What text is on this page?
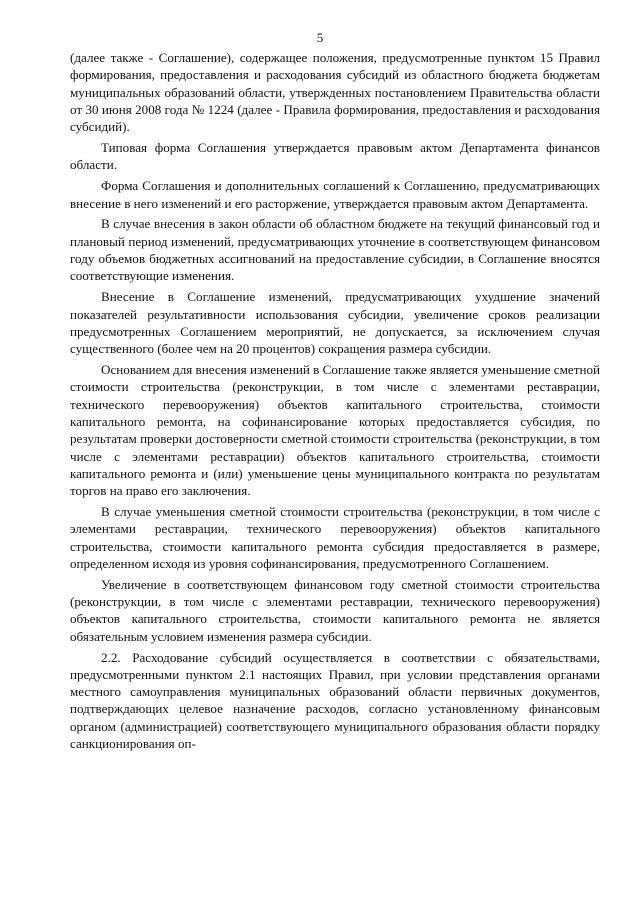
5

(далее также - Соглашение), содержащее положения, предусмотренные пунктом 15 Правил формирования, предоставления и расходования субсидий из областного бюджета бюджетам муниципальных образований области, утвержденных постановлением Правительства области от 30 июня 2008 года № 1224 (далее - Правила формирования, предоставления и расходования субсидий).

Типовая форма Соглашения утверждается правовым актом Департамента финансов области.

Форма Соглашения и дополнительных соглашений к Соглашению, предусматривающих внесение в него изменений и его расторжение, утверждается правовым актом Департамента.

В случае внесения в закон области об областном бюджете на текущий финансовый год и плановый период изменений, предусматривающих уточнение в соответствующем финансовом году объемов бюджетных ассигнований на предоставление субсидии, в Соглашение вносятся соответствующие изменения.

Внесение в Соглашение изменений, предусматривающих ухудшение значений показателей результативности использования субсидии, увеличение сроков реализации предусмотренных Соглашением мероприятий, не допускается, за исключением случая существенного (более чем на 20 процентов) сокращения размера субсидии.

Основанием для внесения изменений в Соглашение также является уменьшение сметной стоимости строительства (реконструкции, в том числе с элементами реставрации, технического перевооружения) объектов капитального строительства, стоимости капитального ремонта, на софинансирование которых предоставляется субсидия, по результатам проверки достоверности сметной стоимости строительства (реконструкции, в том числе с элементами реставрации) объектов капитального строительства, стоимости капитального ремонта и (или) уменьшение цены муниципального контракта по результатам торгов на право его заключения.

В случае уменьшения сметной стоимости строительства (реконструкции, в том числе с элементами реставрации, технического перевооружения) объектов капитального строительства, стоимости капитального ремонта субсидия предоставляется в размере, определенном исходя из уровня софинансирования, предусмотренного Соглашением.

Увеличение в соответствующем финансовом году сметной стоимости строительства (реконструкции, в том числе с элементами реставрации, технического перевооружения) объектов капитального строительства, стоимости капитального ремонта не является обязательным условием изменения размера субсидии.

2.2. Расходование субсидий осуществляется в соответствии с обязательствами, предусмотренными пунктом 2.1 настоящих Правил, при условии представления органами местного самоуправления муниципальных образований области первичных документов, подтверждающих целевое назначение расходов, согласно установленному финансовым органом (администрацией) соответствующего муниципального образования области порядку санкционирования оп-
